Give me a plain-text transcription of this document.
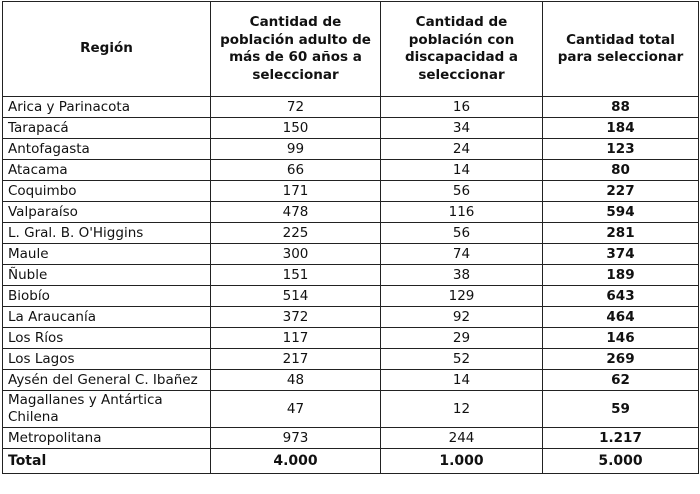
Región	Cantidad de población adulto de más de 60 años a seleccionar	Cantidad de población con discapacidad a seleccionar	Cantidad total para seleccionar
Arica y Parinacota	72	16	88
Tarapacá	150	34	184
Antofagasta	99	24	123
Atacama	66	14	80
Coquimbo	171	56	227
Valparaíso	478	116	594
L. Gral. B. O'Higgins	225	56	281
Maule	300	74	374
Ñuble	151	38	189
Biobío	514	129	643
La Araucanía	372	92	464
Los Ríos	117	29	146
Los Lagos	217	52	269
Aysén del General C. Ibañez	48	14	62
Magallanes y Antártica Chilena	47	12	59
Metropolitana	973	244	1.217
Total	4.000	1.000	5.000
